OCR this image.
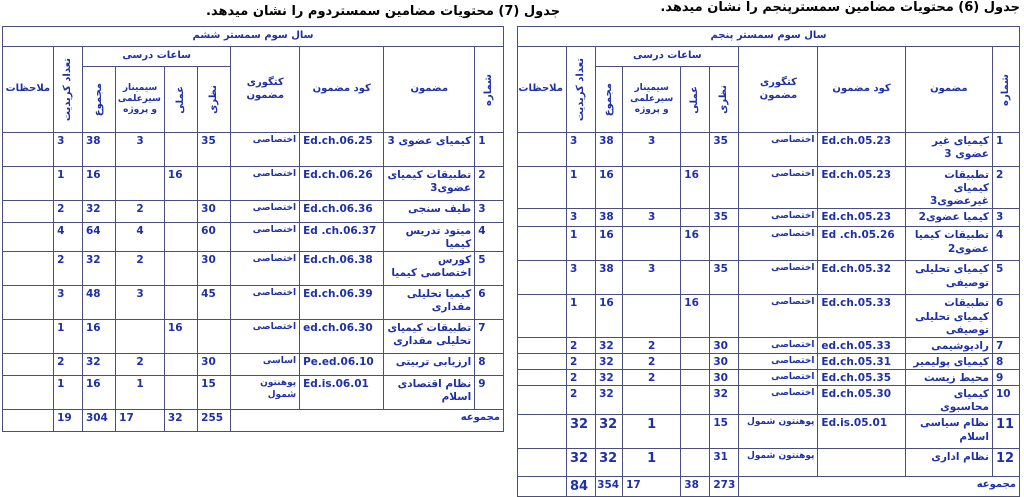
جدول (7) محتویات مضامین سمستردوم را نشان میدهد.	جدول (6) محتویات مضامین سمسترپنجم را نشان میدهد.
سال سوم سمستر ششم									

شماره	مضمون	کود مضمون	کتگوری مضمون	ساعات درسی				تعداد کریدیت	ملاحظات

				نظری	عملی	سیمینار سیرعلمی و پروژه	مجموع		

1	کیمیای عضوی 3	Ed.ch.06.25	اختصاصی	35		3	38	3	
2	تطبیقات کیمیای عضوی3	Ed.ch.06.26	اختصاصی		16		16	1	
3	طیف سنجی	Ed.ch.06.36	اختصاصی	30		2	32	2	
4	میتود تدریس کیمیا	Ed .ch.06.37	اختصاصی	60		4	64	4	
5	کورس اختصاصی کیمیا	Ed.ch.06.38	اختصاصی	30		2	32	2	
6	کیمیا تحلیلی مقداری	Ed.ch.06.39	اختصاصی	45		3	48	3	
7	تطبیقات کیمیای تحلیلی مقداری	ed.ch.06.30	اختصاصی		16		16	1	
8	ارزیابی تربیتی	Pe.ed.06.10	اساسی	30		2	32	2	
9	نظام اقتصادی اسلام	Ed.is.06.01	پوهنتون شمول	15		1	16	1	
مجموعه				255	32	17	304	19	
سال سوم سمستر پنجم									

شماره	مضمون	کود مضمون	کتگوری مضمون	ساعات درسی				تعداد کریدیت	ملاحظات

				نظری	عملی	سیمینار سیرعلمی و پروژه	مجموع		

1	کیمیای غیر عضوی 3	Ed.ch.05.23	اختصاصی	35		3	38	3	
2	تطبیقات کیمیای غیرعضوی3	Ed.ch.05.23	اختصاصی		16		16	1	
3	کیمیا عضوی2	Ed.ch.05.23	اختصاصی	35		3	38	3	
4	تطبیقات کیمیا عضوی2	Ed .ch.05.26	اختصاصی		16		16	1	
5	کیمیای تحلیلی توصیفی	Ed.ch.05.32	اختصاصی	35		3	38	3	
6	تطبیقات کیمیای تحلیلی توصیفی	Ed.ch.05.33	اختصاصی		16		16	1	
7	رادیوشیمی	ed.ch.05.33	اختصاصی	30		2	32	2	
8	کیمیای پولیمیر	Ed.ch.05.31	اختصاصی	30		2	32	2	
9	محیط زیست	Ed.ch.05.35	اختصاصی	30		2	32	2	
10	کیمیای محاسبوی	Ed.ch.05.30	اختصاصی	32			32	2	
11	نظام سیاسی اسلام	Ed.is.05.01	پوهنتون شمول	15		1	32	32	
12	نظام اداری		پوهنتون شمول	31		1	32	32	
مجموعه				273	38	17	354	84	
